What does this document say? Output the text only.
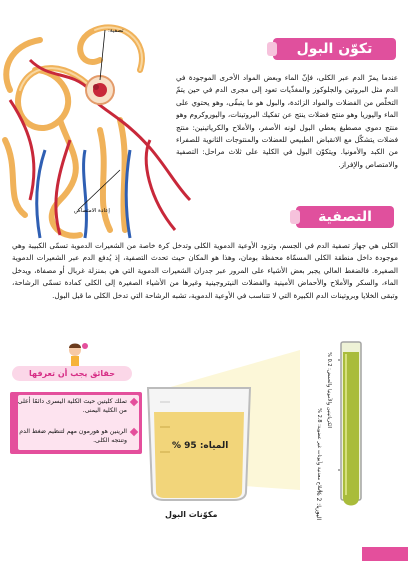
تصفية:
إعادة الامتصاص
تكوّن البول
عندما يمرّ الدم عبر الكلى، فإنّ الماء وبعض المواد الأخرى الموجودة في الدم مثل البروتين والجلوكوز والمغذّيات تعود إلى مجرى الدم في حين يتمّ التخلّص من الفضلات والمواد الزائدة، والبول هو ما يتبقّى، وهو يحتوي على الماء واليوريا وهو منتج فضلات ينتج عن تفكيك البروتينات، واليوروكروم وهو منتج دموي مصطبغ يعطي البول لونه الأصفر، والأملاح والكرياتينين: منتج فضلات يتشكّل مع الانقباض الطبيعي للعضلات والمنتوجات الثانوية للصفراء من الكبد والأمونيا. ويتكوّن البول في الكلية على ثلاث مراحل: التصفية والامتصاص والإفراز.
التصفية
الكلى هي جهاز تصفية الدم في الجسم، وتزود الأوعية الدموية الكلى وتدخل كرة خاصة من الشعيرات الدموية تسمّى الكبيبة وهي موجودة داخل منطقة الكلى المسمّاة محفظة بومان، وهذا هو المكان حيث تحدث التصفية، إذ يُدفع الدم عبر الشعيرات الدموية الصغيرة. فالضغط العالي يجبر بعض الأشياء على المرور عبر جدران الشعيرات الدموية التي هي بمنزلة غربال أو مصفاة، ويدخل الماء، والسكر والأملاح والأحماض الأمينية والفضلات النيتروجينية وغيرها من الأشياء الصغيرة إلى الكلى كمادة تسمّى الرشاحة، وتبقى الخلايا وبروتينات الدم الكبيرة التي لا تتناسب في الأوعية الدموية، تشبه الرشاحة التي تدخل الكلى ما قبل البول.
حقائق يجب أن تعرفها
تملك كليتين حيث الكلية اليسرى دائمًا أعلى من الكلية اليمنى.
الرينين هو هورمون مهم لتنظيم ضغط الدم وتنتجه الكلى.
المياه: 95 %
مكوّنات البول
الكرياتينين والأمونيا والحمض: 0.2 %
أملاح معدنية وأيونات غير عضوية: 2.8 %
اليوريا: 2 %
